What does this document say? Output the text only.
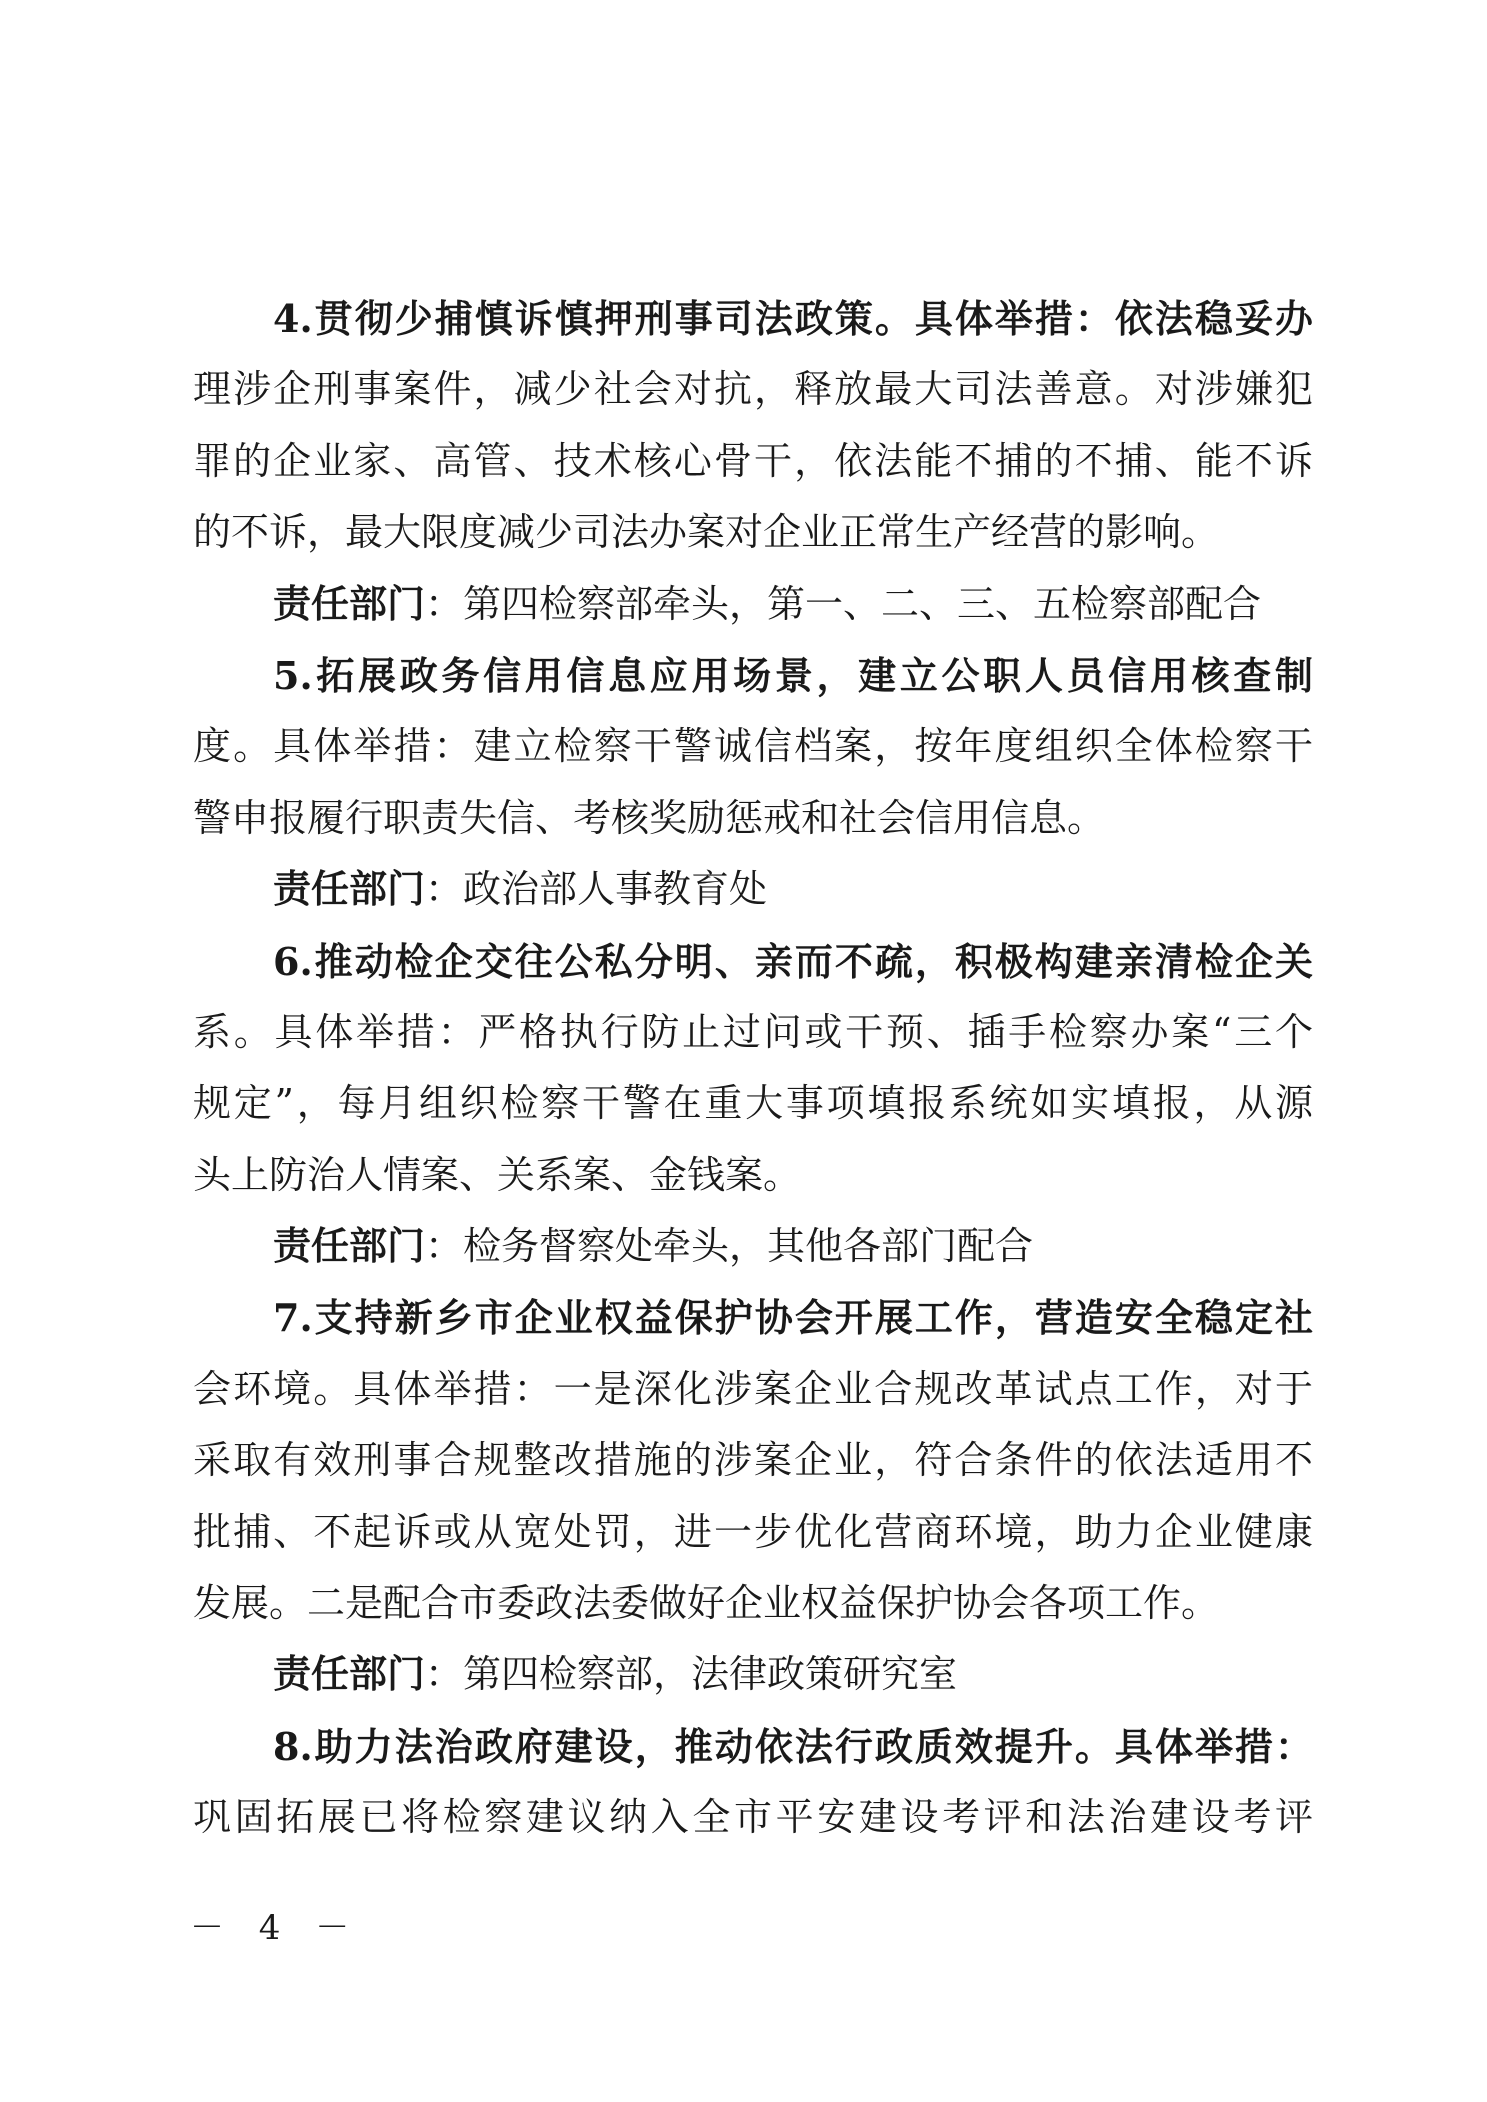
4.贯彻少捕慎诉慎押刑事司法政策。具体举措：依法稳妥办
理涉企刑事案件，减少社会对抗，释放最大司法善意。对涉嫌犯
罪的企业家、高管、技术核心骨干，依法能不捕的不捕、能不诉
的不诉，最大限度减少司法办案对企业正常生产经营的影响。
责任部门：第四检察部牵头，第一、二、三、五检察部配合
5.拓展政务信用信息应用场景，建立公职人员信用核查制
度。具体举措：建立检察干警诚信档案，按年度组织全体检察干
警申报履行职责失信、考核奖励惩戒和社会信用信息。
责任部门：政治部人事教育处
6.推动检企交往公私分明、亲而不疏，积极构建亲清检企关
系。具体举措：严格执行防止过问或干预、插手检察办案“三个
规定”，每月组织检察干警在重大事项填报系统如实填报，从源
头上防治人情案、关系案、金钱案。
责任部门：检务督察处牵头，其他各部门配合
7.支持新乡市企业权益保护协会开展工作，营造安全稳定社
会环境。具体举措：一是深化涉案企业合规改革试点工作，对于
采取有效刑事合规整改措施的涉案企业，符合条件的依法适用不
批捕、不起诉或从宽处罚，进一步优化营商环境，助力企业健康
发展。二是配合市委政法委做好企业权益保护协会各项工作。
责任部门：第四检察部，法律政策研究室
8.助力法治政府建设，推动依法行政质效提升。具体举措：
巩固拓展已将检察建议纳入全市平安建设考评和法治建设考评
－ 4 －
